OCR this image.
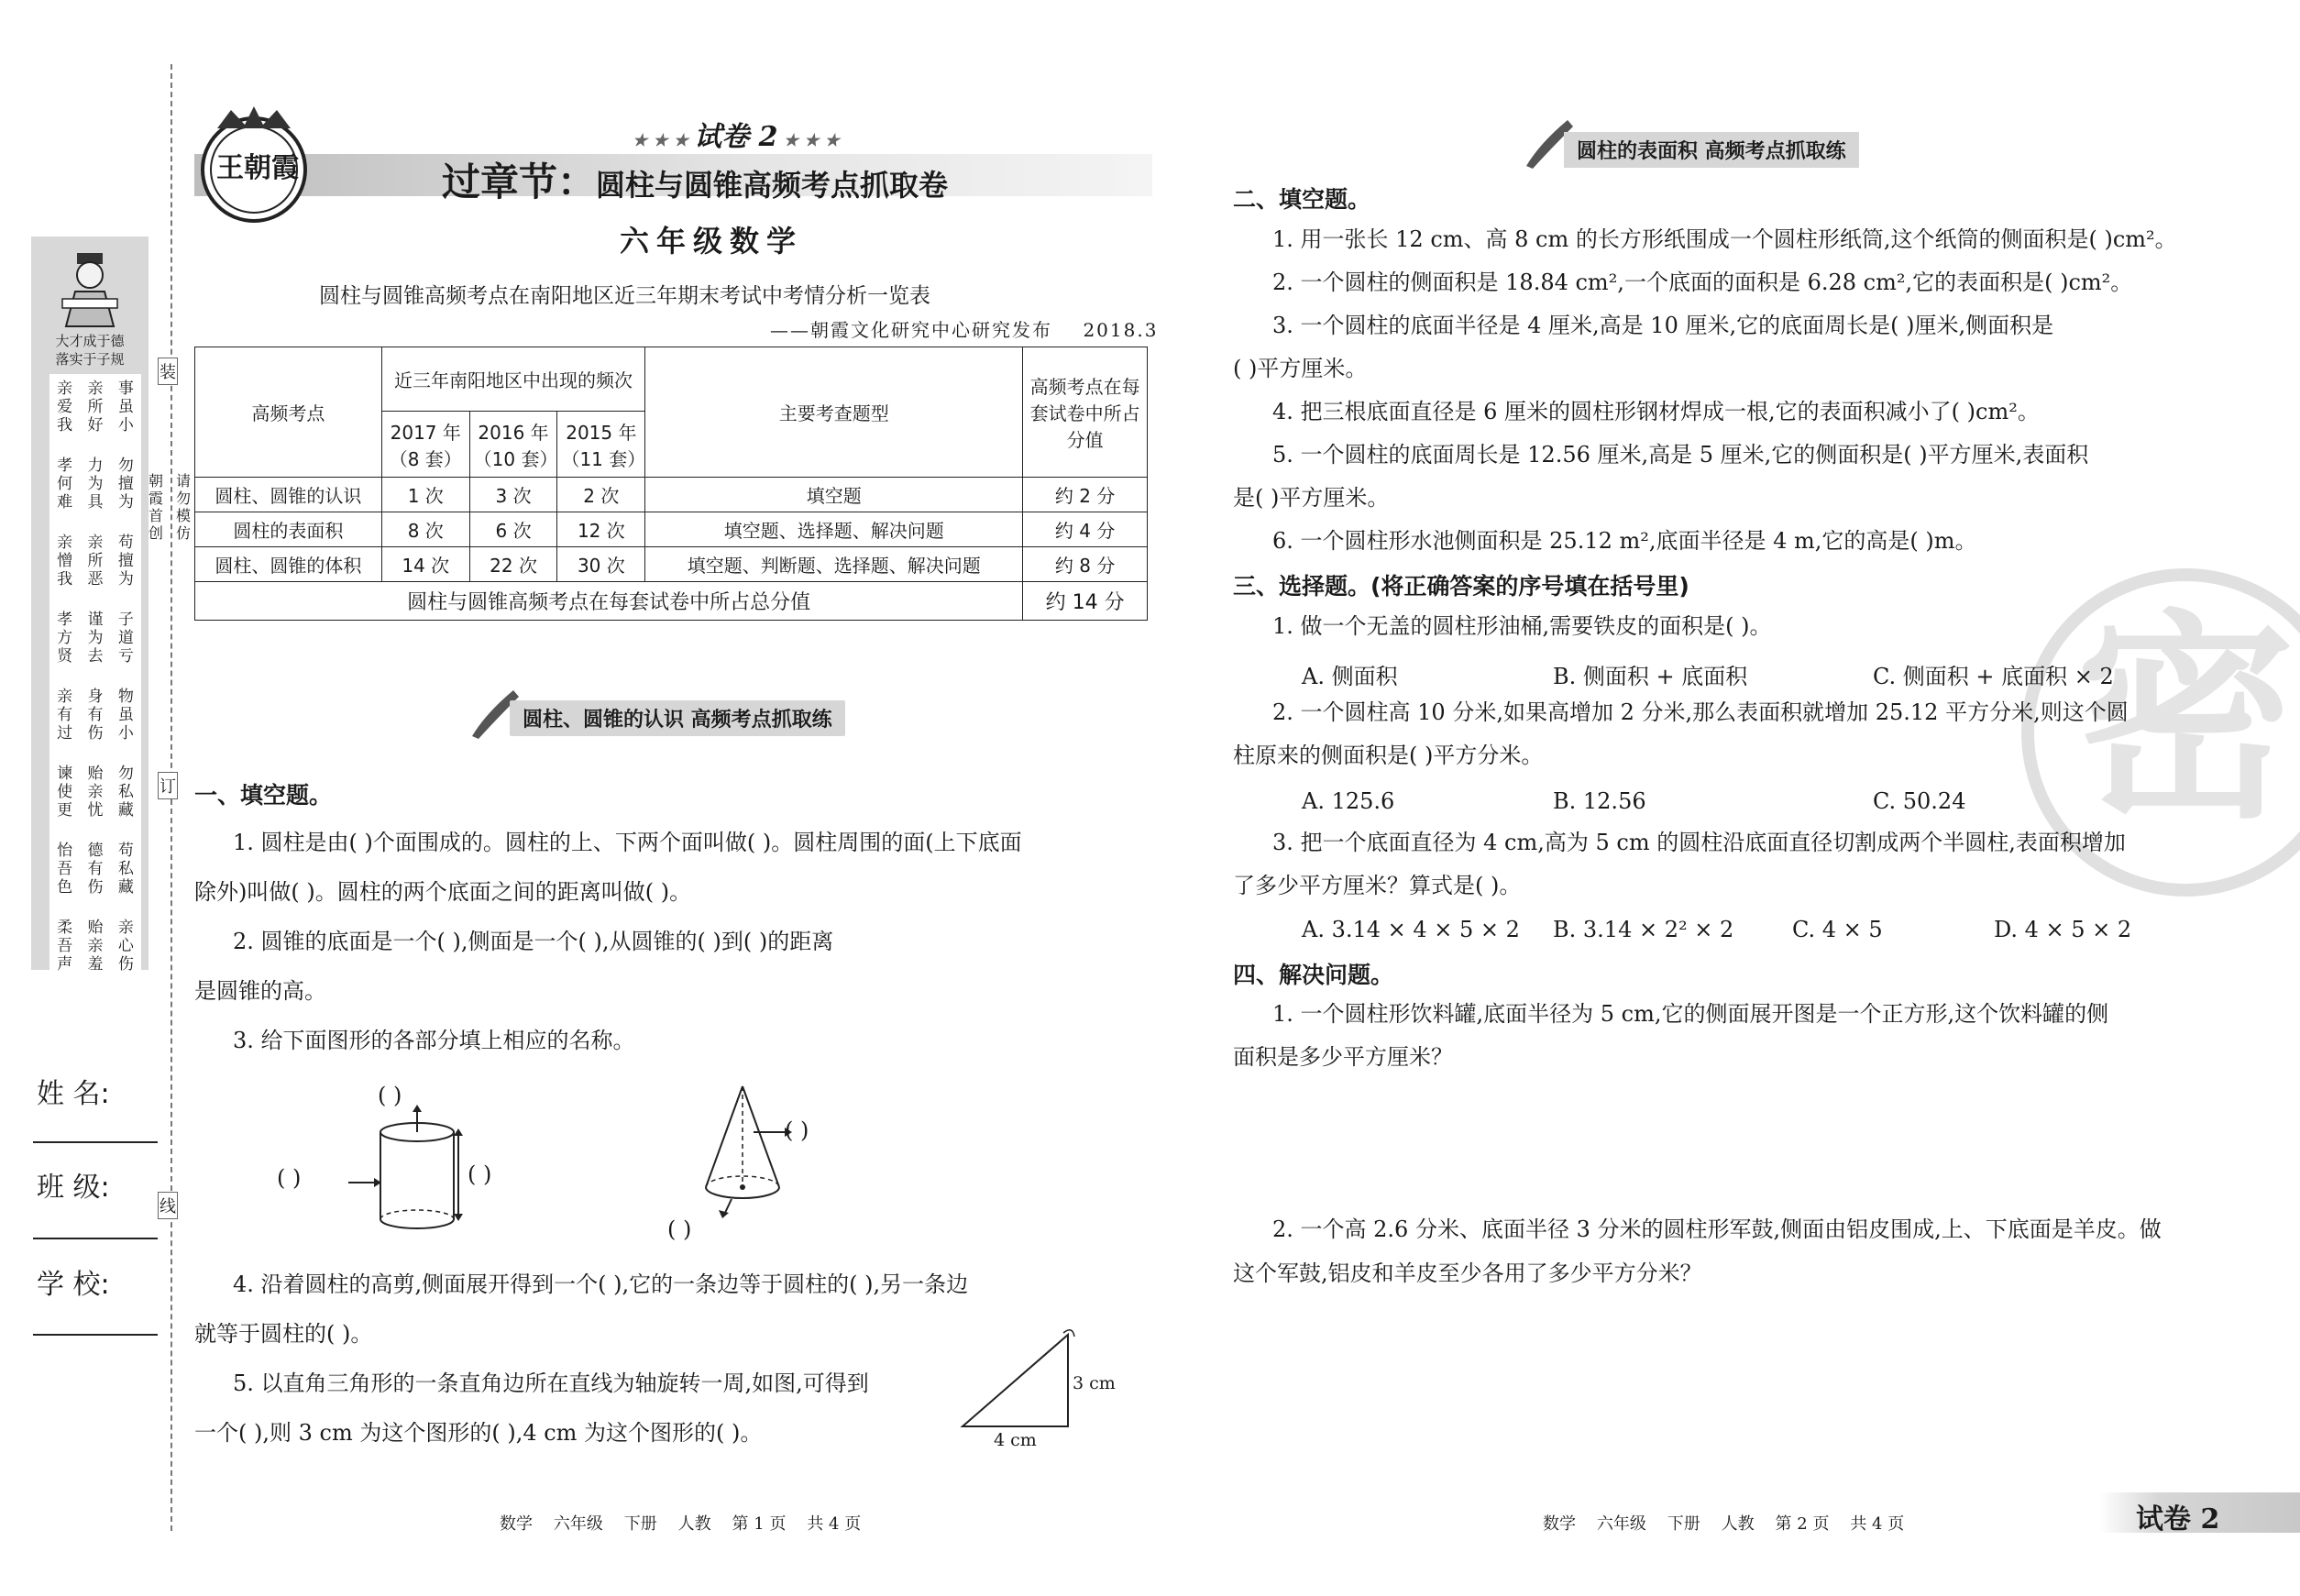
装
订
线
朝霞首创
请勿模仿
大才成于德
落实于子规
亲爱我
亲所好
事虽小
孝何难
力为具
勿擅为
亲憎我
亲所恶
苟擅为
孝方贤
谨为去
子道亏
亲有过
身有伤
物虽小
谏使更
贻亲忧
勿私藏
怡吾色
德有伤
苟私藏
柔吾声
贻亲羞
亲心伤
姓 名:
班 级:
学 校:
王朝霞
★ ★ ★ 试卷 2 ★ ★ ★
过章节：圆柱与圆锥高频考点抓取卷
六年级数学
圆柱与圆锥高频考点在南阳地区近三年期末考试中考情分析一览表
——朝霞文化研究中心研究发布 2018.3
高频考点	近三年南阳地区中出现的频次			主要考查题型	高频考点在每套试卷中所占分值
	2017 年（8 套）	2016 年（10 套）	2015 年（11 套）		
圆柱、圆锥的认识	1 次	3 次	2 次	填空题	约 2 分
圆柱的表面积	8 次	6 次	12 次	填空题、选择题、解决问题	约 4 分
圆柱、圆锥的体积	14 次	22 次	30 次	填空题、判断题、选择题、解决问题	约 8 分
圆柱与圆锥高频考点在每套试卷中所占总分值					约 14 分
圆柱、圆锥的认识 高频考点抓取练
一、填空题。
1. 圆柱是由( )个面围成的。圆柱的上、下两个面叫做( )。圆柱周围的面(上下底面
除外)叫做( )。圆柱的两个底面之间的距离叫做( )。
2. 圆锥的底面是一个( ),侧面是一个( ),从圆锥的( )到( )的距离
是圆锥的高。
3. 给下面图形的各部分填上相应的名称。
( )
( )	( )
( )
( )
4. 沿着圆柱的高剪,侧面展开得到一个( ),它的一条边等于圆柱的( ),另一条边
就等于圆柱的( )。
5. 以直角三角形的一条直角边所在直线为轴旋转一周,如图,可得到
一个( ),则 3 cm 为这个图形的( ),4 cm 为这个图形的( )。
3 cm
4 cm
数学    六年级    下册    人教    第 1 页    共 4 页
圆柱的表面积 高频考点抓取练
密
二、填空题。
1. 用一张长 12 cm、高 8 cm 的长方形纸围成一个圆柱形纸筒,这个纸筒的侧面积是( )cm²。
2. 一个圆柱的侧面积是 18.84 cm²,一个底面的面积是 6.28 cm²,它的表面积是( )cm²。
3. 一个圆柱的底面半径是 4 厘米,高是 10 厘米,它的底面周长是( )厘米,侧面积是
( )平方厘米。
4. 把三根底面直径是 6 厘米的圆柱形钢材焊成一根,它的表面积减小了( )cm²。
5. 一个圆柱的底面周长是 12.56 厘米,高是 5 厘米,它的侧面积是( )平方厘米,表面积
是( )平方厘米。
6. 一个圆柱形水池侧面积是 25.12 m²,底面半径是 4 m,它的高是( )m。
三、选择题。(将正确答案的序号填在括号里)
1. 做一个无盖的圆柱形油桶,需要铁皮的面积是( )。
A. 侧面积	B. 侧面积 + 底面积	C. 侧面积 + 底面积 × 2
2. 一个圆柱高 10 分米,如果高增加 2 分米,那么表面积就增加 25.12 平方分米,则这个圆
柱原来的侧面积是( )平方分米。
A. 125.6	B. 12.56	C. 50.24
3. 把一个底面直径为 4 cm,高为 5 cm 的圆柱沿底面直径切割成两个半圆柱,表面积增加
了多少平方厘米？算式是( )。
A. 3.14 × 4 × 5 × 2 B. 3.14 × 2² × 2	C. 4 × 5	D. 4 × 5 × 2
四、解决问题。
1. 一个圆柱形饮料罐,底面半径为 5 cm,它的侧面展开图是一个正方形,这个饮料罐的侧
面积是多少平方厘米？
2. 一个高 2.6 分米、底面半径 3 分米的圆柱形军鼓,侧面由铝皮围成,上、下底面是羊皮。做
这个军鼓,铝皮和羊皮至少各用了多少平方分米？
数学    六年级    下册    人教    第 2 页    共 4 页	试卷 2
